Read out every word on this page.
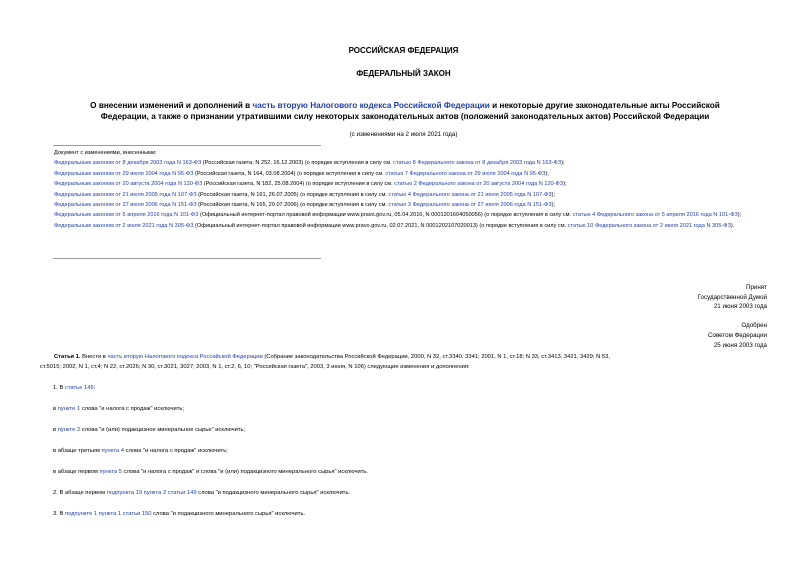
РОССИЙСКАЯ ФЕДЕРАЦИЯ
ФЕДЕРАЛЬНЫЙ ЗАКОН
О внесении изменений и дополнений в часть вторую Налогового кодекса Российской Федерации и некоторые другие законодательные акты Российской
Федерации, а также о признании утратившими силу некоторых законодательных актов (положений законодательных актов) Российской Федерации
(с изменениями на 2 июля 2021 года)
Документ с изменениями, внесенными:
Федеральным законом от 8 декабря 2003 года N 163-ФЗ (Российская газета, N 252, 16.12.2003) (о порядке вступления в силу см. статью 8 Федерального закона от 8 декабря 2003 года N 163-ФЗ);
Федеральным законом от 29 июля 2004 года N 95-ФЗ (Российская газета, N 164, 03.08.2004) (о порядке вступления в силу см. статью 7 Федерального закона от 29 июля 2004 года N 95-ФЗ);
Федеральным законом от 20 августа 2004 года N 120-ФЗ (Российская газета, N 182, 25.08.2004) (о порядке вступления в силу см. статью 2 Федерального закона от 20 августа 2004 года N 120-ФЗ);
Федеральным законом от 21 июля 2005 года N 107-ФЗ (Российская газета, N 161, 26.07.2005) (о порядке вступления в силу см. статью 4 Федерального закона от 21 июля 2005 года N 107-ФЗ);
Федеральным законом от 27 июля 2006 года N 151-ФЗ (Российская газета, N 165, 29.07.2006) (о порядке вступления в силу см. статью 3 Федерального закона от 27 июля 2006 года N 151-ФЗ);
Федеральным законом от 5 апреля 2016 года N 101-ФЗ (Официальный интернет-портал правовой информации www.pravo.gov.ru, 05.04.2016, N 0001201604050056) (о порядке вступления в силу см. статью 4 Федерального закона от 5 апреля 2016 года N 101-ФЗ);
Федеральным законом от 2 июля 2021 года N 305-ФЗ (Официальный интернет-портал правовой информации www.pravo.gov.ru, 02.07.2021, N 0001202107020013) (о порядке вступления в силу см. статью 10 Федерального закона от 2 июля 2021 года N 305-ФЗ).
Принят
Государственной Думой
21 июня 2003 года
Одобрен
Советом Федерации
25 июня 2003 года
Статья 1. Внести в часть вторую Налогового кодекса Российской Федерации (Собрание законодательства Российской Федерации, 2000, N 32, ст.3340, 3341; 2001, N 1, ст.18; N 33, ст.3413, 3421, 3429; N 53,
ст.5015; 2002, N 1, ст.4; N 22, ст.2026; N 30, ст.3021, 3027; 2003, N 1, ст.2, 6, 10; "Российская газета", 2003, 3 июня, N 106) следующие изменения и дополнения:
1. В статье 145:
в пункте 1 слова "и налога с продаж" исключить;
в пункте 2 слова "и (или) подакцизное минеральное сырье" исключить;
в абзаце третьем пункта 4 слова "и налога с продаж" исключить;
в абзаце первом пункта 5 слова "и налога с продаж" и слова "и (или) подакцизного минерального сырья" исключить.
2. В абзаце первом подпункта 19 пункта 2 статьи 149 слова "и подакцизного минерального сырья" исключить.
3. В подпункте 1 пункта 1 статьи 150 слова "и подакцизного минерального сырья" исключить.
